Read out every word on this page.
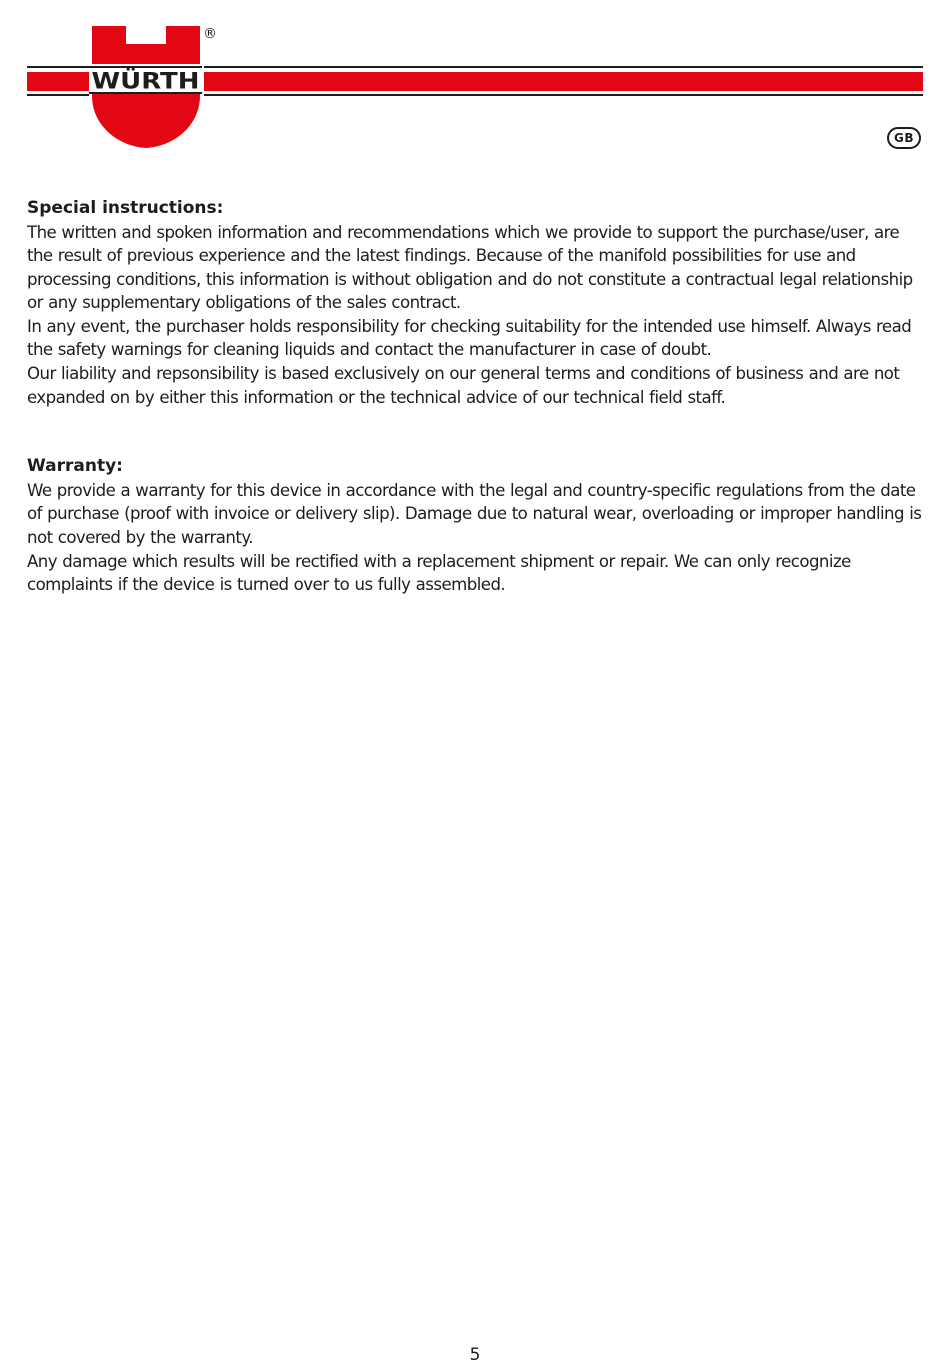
WÜRTH
®
GB
Special instructions:

The written and spoken information and recommendations which we provide to support the purchase/user, are the result of previous experience and the latest findings. Because of the manifold possibilities for use and processing conditions, this information is without obligation and do not constitute a contractual legal relationship or any supplementary obligations of the sales contract.

In any event, the purchaser holds responsibility for checking suitability for the intended use himself. Always read the safety warnings for cleaning liquids and contact the manufacturer in case of doubt.

Our liability and repsonsibility is based exclusively on our general terms and conditions of business and are not expanded on by either this information or the technical advice of our technical field staff.

Warranty:

We provide a warranty for this device in accordance with the legal and country-specific regulations from the date of purchase (proof with invoice or delivery slip). Damage due to natural wear, overloading or improper handling is not covered by the warranty.

Any damage which results will be rectified with a replacement shipment or repair. We can only recognize complaints if the device is turned over to us fully assembled.

5
